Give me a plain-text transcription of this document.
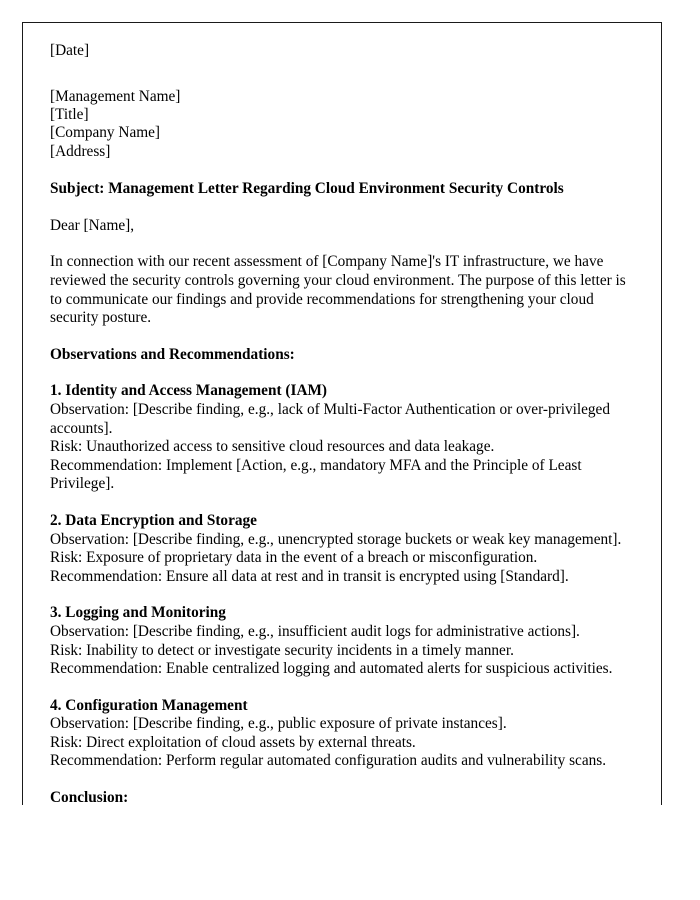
[Date]
[Management Name]
[Title]
[Company Name]
[Address]
Subject: Management Letter Regarding Cloud Environment Security Controls
Dear [Name],
In connection with our recent assessment of [Company Name]'s IT infrastructure, we have reviewed the security controls governing your cloud environment. The purpose of this letter is to communicate our findings and provide recommendations for strengthening your cloud security posture.
Observations and Recommendations:
1. Identity and Access Management (IAM)
Observation: [Describe finding, e.g., lack of Multi-Factor Authentication or over-privileged accounts].
Risk: Unauthorized access to sensitive cloud resources and data leakage.
Recommendation: Implement [Action, e.g., mandatory MFA and the Principle of Least Privilege].
2. Data Encryption and Storage
Observation: [Describe finding, e.g., unencrypted storage buckets or weak key management].
Risk: Exposure of proprietary data in the event of a breach or misconfiguration.
Recommendation: Ensure all data at rest and in transit is encrypted using [Standard].
3. Logging and Monitoring
Observation: [Describe finding, e.g., insufficient audit logs for administrative actions].
Risk: Inability to detect or investigate security incidents in a timely manner.
Recommendation: Enable centralized logging and automated alerts for suspicious activities.
4. Configuration Management
Observation: [Describe finding, e.g., public exposure of private instances].
Risk: Direct exploitation of cloud assets by external threats.
Recommendation: Perform regular automated configuration audits and vulnerability scans.
Conclusion:
